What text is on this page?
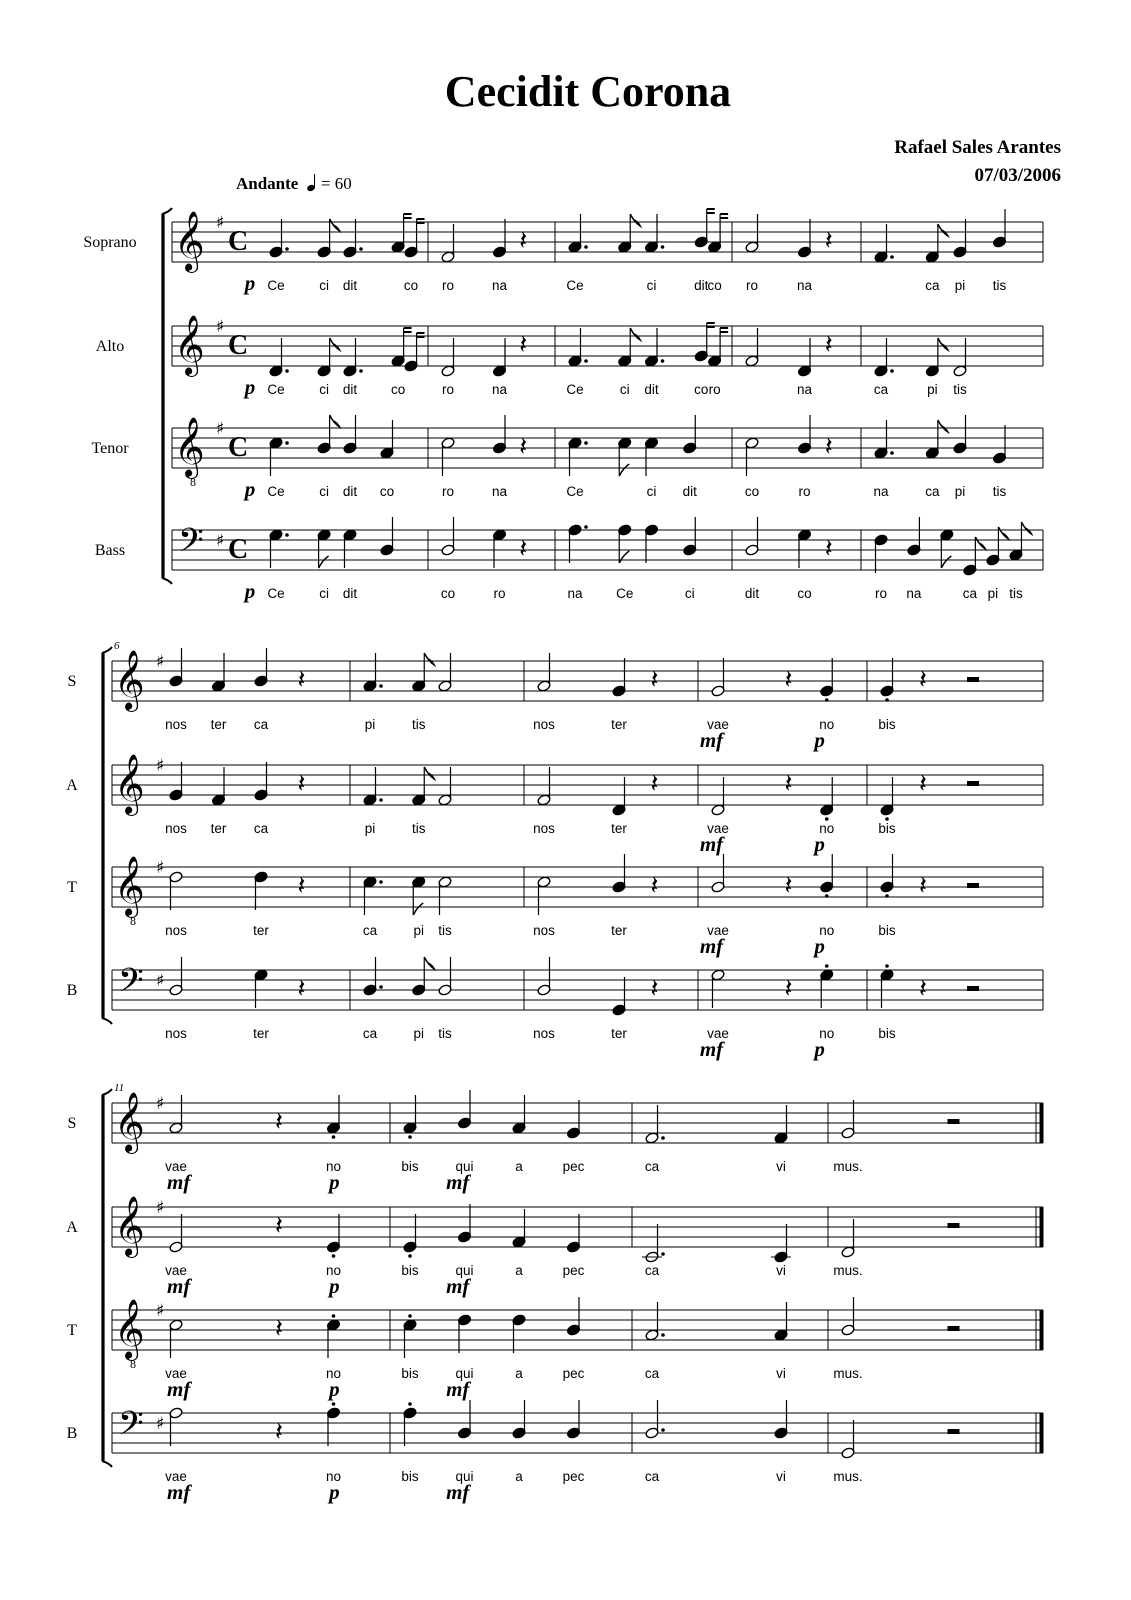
Cecidit Corona
Rafael Sales Arantes
07/03/2006
Andante = 60
𝄞 ♯
C	𝄽	𝄽
Ce	ci dit	co ro	na	Ce	ci	dit co ro	na	ca pi tis
p
𝄞 ♯
C	𝄽	𝄽
Ce	ci dit	co	ro	na	Ce	ci dit	co ro	na	ca	pi tis
p
𝄞 ♯
8
C	𝄽	𝄽
Ce	ci dit co	ro	na	Ce	ci dit	co	ro	na	ca pi tis
p
𝄢 ♯ C	𝄽	𝄽
Ce	ci dit	co	ro	na Ce	ci	dit	co	ro na	ca pi tis
p
Soprano
Alto
Tenor
Bass
𝄞 ♯
𝄽	𝄽	𝄽	𝄽
nos ter ca	pi	tis	nos	ter	vae	no	bis
mf	p
𝄞 ♯
𝄽	𝄽	𝄽	𝄽
nos ter ca	pi	tis	nos	ter	vae	no	bis
mf	p
𝄞 ♯
8
𝄽	𝄽	𝄽	𝄽
nos	ter	ca	pi tis	nos	ter	vae	no	bis
mf	p
𝄢 ♯	𝄽	𝄽	𝄽	𝄽
nos	ter	ca	pi tis	nos	ter	vae	no	bis
mf	p
6
S
A
T
B
𝄞 ♯
𝄽
vae	no	bis	qui	a	pec	ca	vi	mus.
mf	p	mf
𝄞 ♯
𝄽
vae	no	bis	qui	a	pec	ca	vi	mus.
mf	p	mf
𝄞 ♯
8
𝄽
vae	no	bis	qui	a	pec	ca	vi	mus.
mf	p	mf
𝄢 ♯	𝄽
vae	no	bis	qui	a	pec	ca	vi	mus.
mf	p	mf
11
S
A
T
B
